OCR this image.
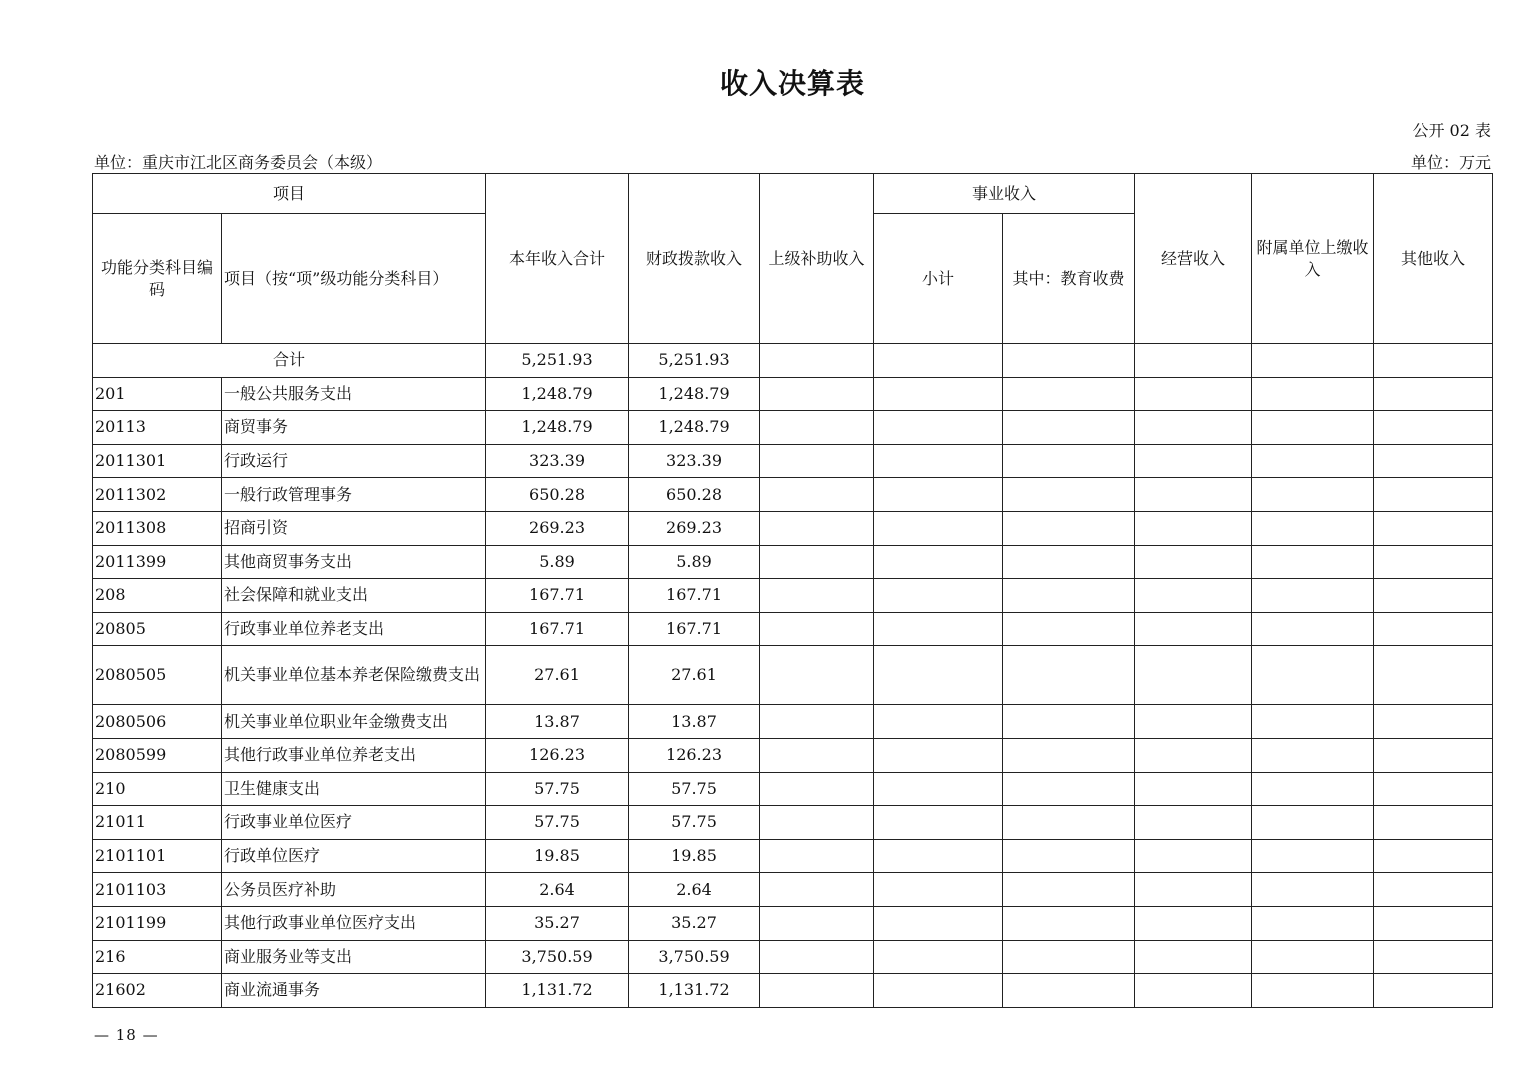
收入决算表
公开 02 表
单位：重庆市江北区商务委员会（本级）	单位：万元
项目		本年收入合计	财政拨款收入	上级补助收入	事业收入		经营收入	附属单位上缴收入	其他收入
功能分类科目编码	项目（按“项”级功能分类科目）				小计	其中：教育收费			
合计		5,251.93	5,251.93						
201	一般公共服务支出	1,248.79	1,248.79						
20113	商贸事务	1,248.79	1,248.79						
2011301	行政运行	323.39	323.39						
2011302	一般行政管理事务	650.28	650.28						
2011308	招商引资	269.23	269.23						
2011399	其他商贸事务支出	5.89	5.89						
208	社会保障和就业支出	167.71	167.71						
20805	行政事业单位养老支出	167.71	167.71						
2080505	机关事业单位基本养老保险缴费支出	27.61	27.61						
2080506	机关事业单位职业年金缴费支出	13.87	13.87						
2080599	其他行政事业单位养老支出	126.23	126.23						
210	卫生健康支出	57.75	57.75						
21011	行政事业单位医疗	57.75	57.75						
2101101	行政单位医疗	19.85	19.85						
2101103	公务员医疗补助	2.64	2.64						
2101199	其他行政事业单位医疗支出	35.27	35.27						
216	商业服务业等支出	3,750.59	3,750.59						
21602	商业流通事务	1,131.72	1,131.72						
— 18 —
